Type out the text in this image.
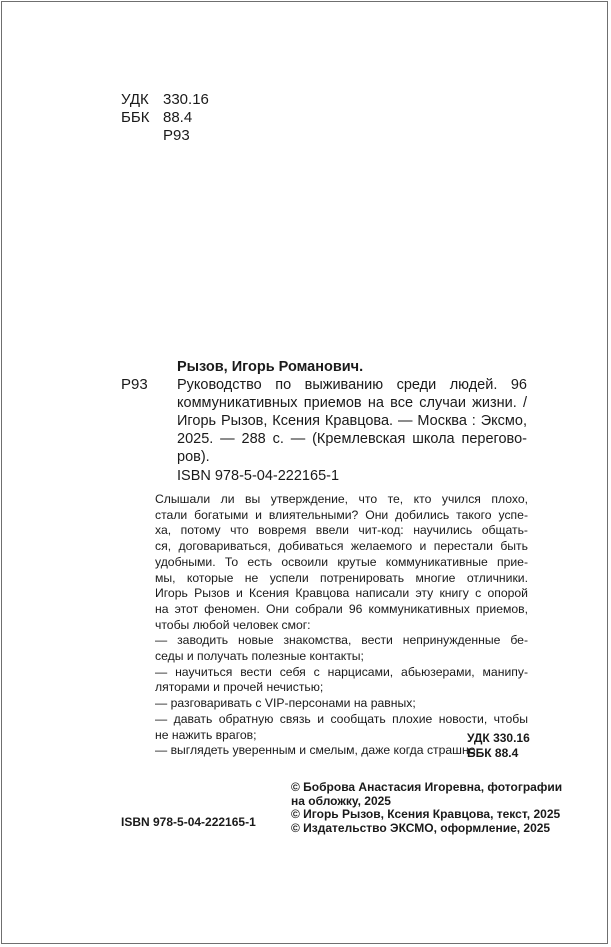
УДК 330.16
ББК 88.4
Р93
Рызов, Игорь Романович.
Р93 Руководство по выживанию среди людей. 96
коммуникативных приемов на все случаи жизни. /
Игорь Рызов, Ксения Кравцова. — Москва : Эксмо,
2025. — 288 с. — (Кремлевская школа перегово-
ров).
ISBN 978-5-04-222165-1
Слышали ли вы утверждение, что те, кто учился плохо,
стали богатыми и влиятельными? Они добились такого успе-
ха, потому что вовремя ввели чит-код: научились общать-
ся, договариваться, добиваться желаемого и перестали быть
удобными. То есть освоили крутые коммуникативные прие-
мы, которые не успели потренировать многие отличники.
Игорь Рызов и Ксения Кравцова написали эту книгу с опорой
на этот феномен. Они собрали 96 коммуникативных приемов,
чтобы любой человек смог:
— заводить новые знакомства, вести непринужденные бе-
седы и получать полезные контакты;
— научиться вести себя с нарцисами, абьюзерами, манипу-
ляторами и прочей нечистью;
— разговаривать с VIP-персонами на равных;
— давать обратную связь и сообщать плохие новости, чтобы
не нажить врагов;
— выглядеть уверенным и смелым, даже когда страшно.
УДК 330.16
ББК 88.4
ISBN 978-5-04-222165-1
© Боброва Анастасия Игоревна, фотографии
на обложку, 2025
© Игорь Рызов, Ксения Кравцова, текст, 2025
© Издательство ЭКСМО, оформление, 2025
